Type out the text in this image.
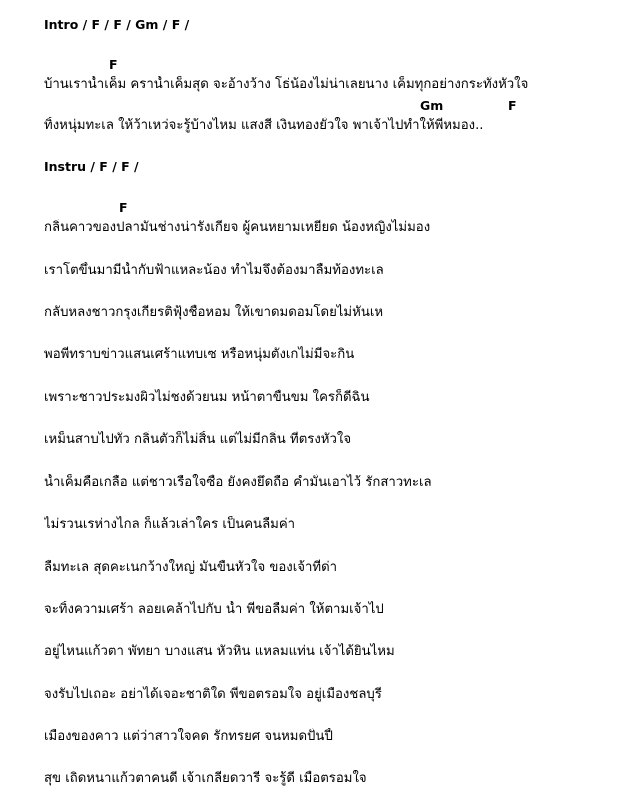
Intro / F / F / Gm / F /
F
บ้านเราน้ำเค็ม คราน้ำเค็มสุด จะอ้างว้าง โธ่น้องไม่น่าเลยนาง เค็มทุกอย่างกระทั่งหัวใจ
Gm	F
ทิ้งหนุ่มทะเล ให้ว้าเหว่จะรู้บ้างไหม แสงสี เงินทองยั่วใจ พาเจ้าไปทำให้พี่หมอง..
Instru / F / F /
F
กลิ่นคาวของปลามันช่างน่ารังเกียจ ผู้คนหยามเหยียด น้องหญิงไม่มอง
เราโตขึ้นมามีน้ำกับฟ้าแหละน้อง ทำไมจึงต้องมาลืมท้องทะเล
กลับหลงชาวกรุงเกียรติฟุ้งชื่อหอม ให้เขาดมดอมโดยไม่หันเห
พอพี่ทราบข่าวแสนเศร้าแทบเซ หรือหนุ่มตังเกไม่มีจะกิน
เพราะชาวประมงผิวไม่ชงด้วยนม หน้าตาขื่นขม ใครก็ดีฉิน
เหม็นสาบไปทั่ว กลิ่นตัวก็ไม่สิ้น แต่ไม่มีกลิ่น ที่ตรงหัวใจ
น้ำเค็มคือเกลือ แต่ชาวเรือใจซื่อ ยังคงยึดถือ คำมั่นเอาไว้ รักสาวทะเล
ไม่รวนเรห่างไกล ก็แล้วเล่าใคร เป็นคนลืมค่า
ลืมทะเล สุดคะเนกว้างใหญ่ มันขืนหัวใจ ของเจ้าที่ด่า
จะทิ้งความเศร้า ลอยเคล้าไปกับ น้ำ พี่ขอลืมค่า ให้ตามเจ้าไป
อยู่ไหนแก้วตา พัทยา บางแสน หัวหิน แหลมแท่น เจ้าได้ยินไหม
จงรับไปเถอะ อย่าได้เจอะชาติใด พี่ขอตรอมใจ อยู่เมืองชลบุรี
เมืองของคาว แต่ว่าสาวใจคด รักทรยศ จนหมดปั่นปี้
สุข เถิดหนาแก้วตาคนดี เจ้าเกลียดวารี จะรู้ดี เมื่อตรอมใจ
